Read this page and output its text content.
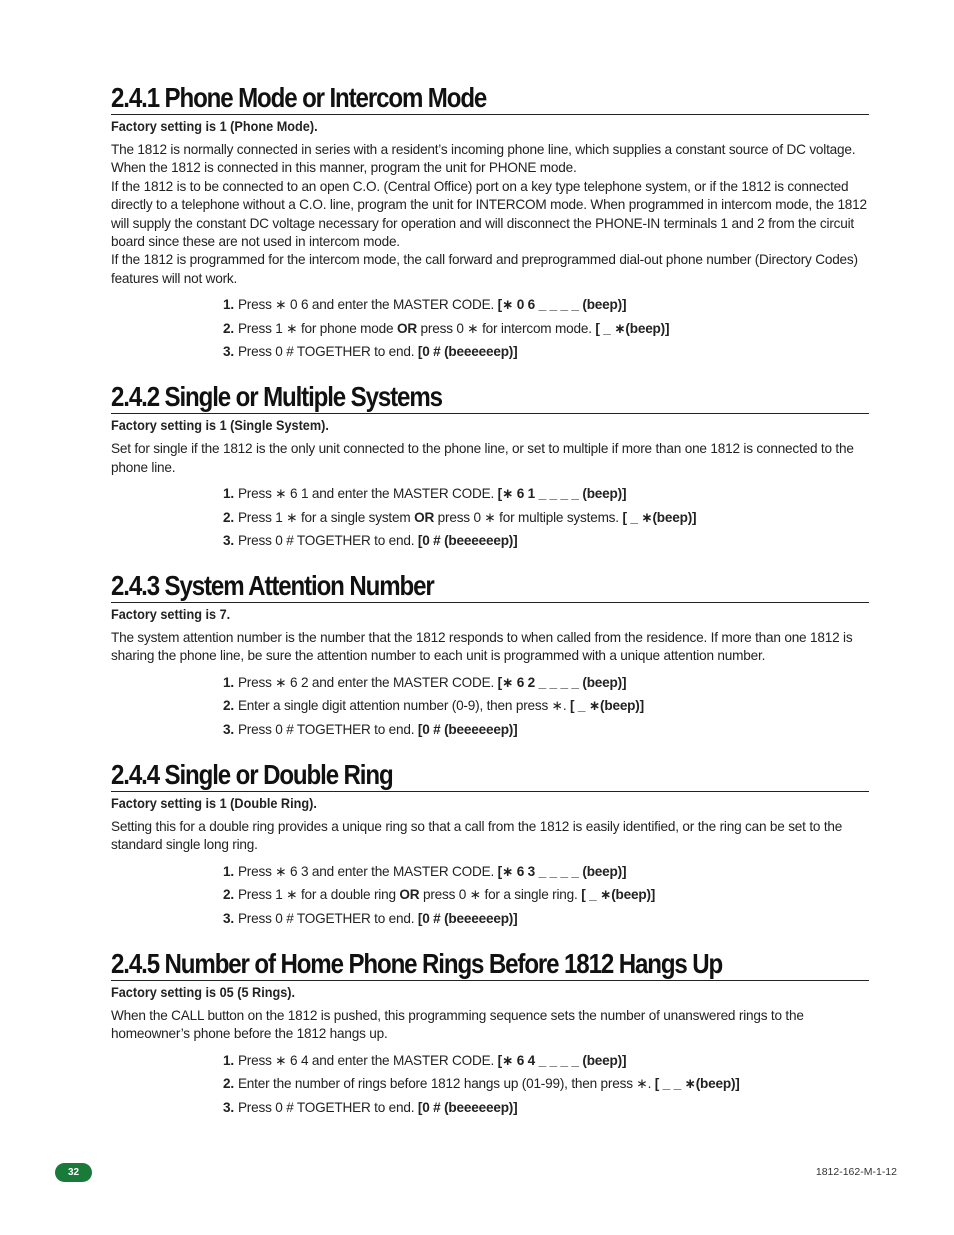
2.4.1 Phone Mode or Intercom Mode
Factory setting is 1 (Phone Mode).

The 1812 is normally connected in series with a resident’s incoming phone line, which supplies a constant source of DC voltage. When the 1812 is connected in this manner, program the unit for PHONE mode.

If the 1812 is to be connected to an open C.O. (Central Office) port on a key type telephone system, or if the 1812 is connected directly to a telephone without a C.O. line, program the unit for INTERCOM mode. When programmed in intercom mode, the 1812 will supply the constant DC voltage necessary for operation and will disconnect the PHONE-IN terminals 1 and 2 from the circuit board since these are not used in intercom mode.

If the 1812 is programmed for the intercom mode, the call forward and preprogrammed dial-out phone number (Directory Codes) features will not work.

1. Press ∗ 0 6 and enter the MASTER CODE. [∗ 0 6 _ _ _ _ (beep)]
2. Press 1 ∗ for phone mode OR press 0 ∗ for intercom mode. [ _ ∗(beep)]
3. Press 0 # TOGETHER to end. [0 # (beeeeeep)]
2.4.2 Single or Multiple Systems
Factory setting is 1 (Single System).

Set for single if the 1812 is the only unit connected to the phone line, or set to multiple if more than one 1812 is connected to the phone line.

1. Press ∗ 6 1 and enter the MASTER CODE. [∗ 6 1 _ _ _ _ (beep)]
2. Press 1 ∗ for a single system OR press 0 ∗ for multiple systems. [ _ ∗(beep)]
3. Press 0 # TOGETHER to end. [0 # (beeeeeep)]
2.4.3 System Attention Number
Factory setting is 7.

The system attention number is the number that the 1812 responds to when called from the residence. If more than one 1812 is sharing the phone line, be sure the attention number to each unit is programmed with a unique attention number.

1. Press ∗ 6 2 and enter the MASTER CODE. [∗ 6 2 _ _ _ _ (beep)]
2. Enter a single digit attention number (0-9), then press ∗. [ _ ∗(beep)]
3. Press 0 # TOGETHER to end. [0 # (beeeeeep)]
2.4.4 Single or Double Ring
Factory setting is 1 (Double Ring).

Setting this for a double ring provides a unique ring so that a call from the 1812 is easily identified, or the ring can be set to the standard single long ring.

1. Press ∗ 6 3 and enter the MASTER CODE. [∗ 6 3 _ _ _ _ (beep)]
2. Press 1 ∗ for a double ring OR press 0 ∗ for a single ring. [ _ ∗(beep)]
3. Press 0 # TOGETHER to end. [0 # (beeeeeep)]
2.4.5 Number of Home Phone Rings Before 1812 Hangs Up
Factory setting is 05 (5 Rings).

When the CALL button on the 1812 is pushed, this programming sequence sets the number of unanswered rings to the homeowner’s phone before the 1812 hangs up.

1. Press ∗ 6 4 and enter the MASTER CODE. [∗ 6 4 _ _ _ _ (beep)]
2. Enter the number of rings before 1812 hangs up (01-99), then press ∗. [ _ _ ∗(beep)]
3. Press 0 # TOGETHER to end. [0 # (beeeeeep)]
32	1812-162-M-1-12
